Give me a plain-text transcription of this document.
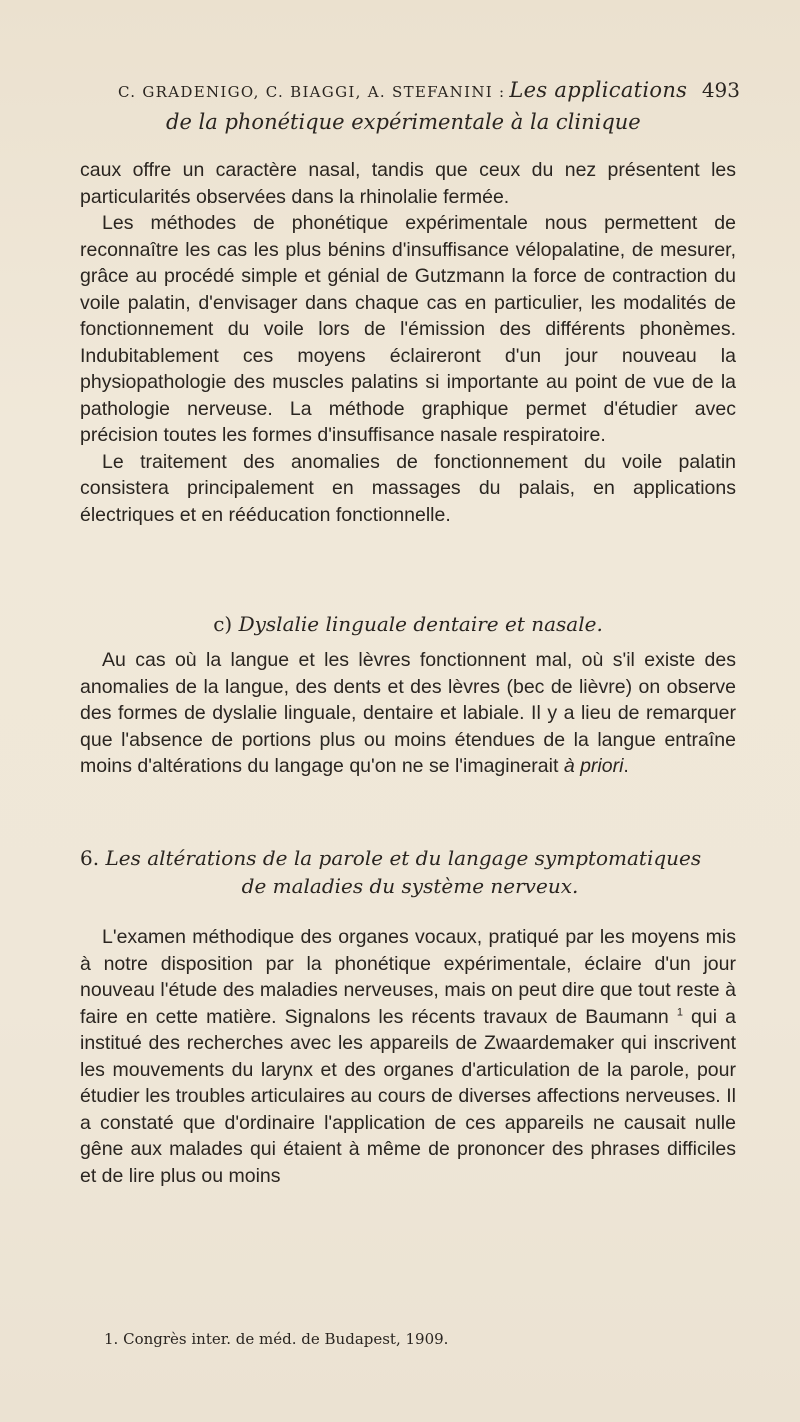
C. GRADENIGO, C. BIAGGI, A. STEFANINI : Les applications 493
de la phonétique expérimentale à la clinique

caux offre un caractère nasal, tandis que ceux du nez présentent les particularités observées dans la rhinolalie fermée.

Les méthodes de phonétique expérimentale nous permettent de reconnaître les cas les plus bénins d'insuffisance vélopalatine, de mesurer, grâce au procédé simple et génial de Gutzmann la force de contraction du voile palatin, d'envisager dans chaque cas en particulier, les modalités de fonctionnement du voile lors de l'émission des différents phonèmes. Indubitablement ces moyens éclaireront d'un jour nouveau la physiopathologie des muscles palatins si importante au point de vue de la pathologie nerveuse. La méthode graphique permet d'étudier avec précision toutes les formes d'insuffisance nasale respiratoire.

Le traitement des anomalies de fonctionnement du voile palatin consistera principalement en massages du palais, en applications électriques et en rééducation fonctionnelle.

c) Dyslalie linguale dentaire et nasale.

Au cas où la langue et les lèvres fonctionnent mal, où s'il existe des anomalies de la langue, des dents et des lèvres (bec de lièvre) on observe des formes de dyslalie linguale, dentaire et labiale. Il y a lieu de remarquer que l'absence de portions plus ou moins étendues de la langue entraîne moins d'altérations du langage qu'on ne se l'imaginerait à priori.

6. Les altérations de la parole et du langage symptomatiques
de maladies du système nerveux.

L'examen méthodique des organes vocaux, pratiqué par les moyens mis à notre disposition par la phonétique expérimentale, éclaire d'un jour nouveau l'étude des maladies nerveuses, mais on peut dire que tout reste à faire en cette matière. Signalons les récents travaux de Baumann $^1$ qui a institué des recherches avec les appareils de Zwaardemaker qui inscrivent les mouvements du larynx et des organes d'articulation de la parole, pour étudier les troubles articulaires au cours de diverses affections nerveuses. Il a constaté que d'ordinaire l'application de ces appareils ne causait nulle gêne aux malades qui étaient à même de prononcer des phrases difficiles et de lire plus ou moins

1. Congrès inter. de méd. de Budapest, 1909.
